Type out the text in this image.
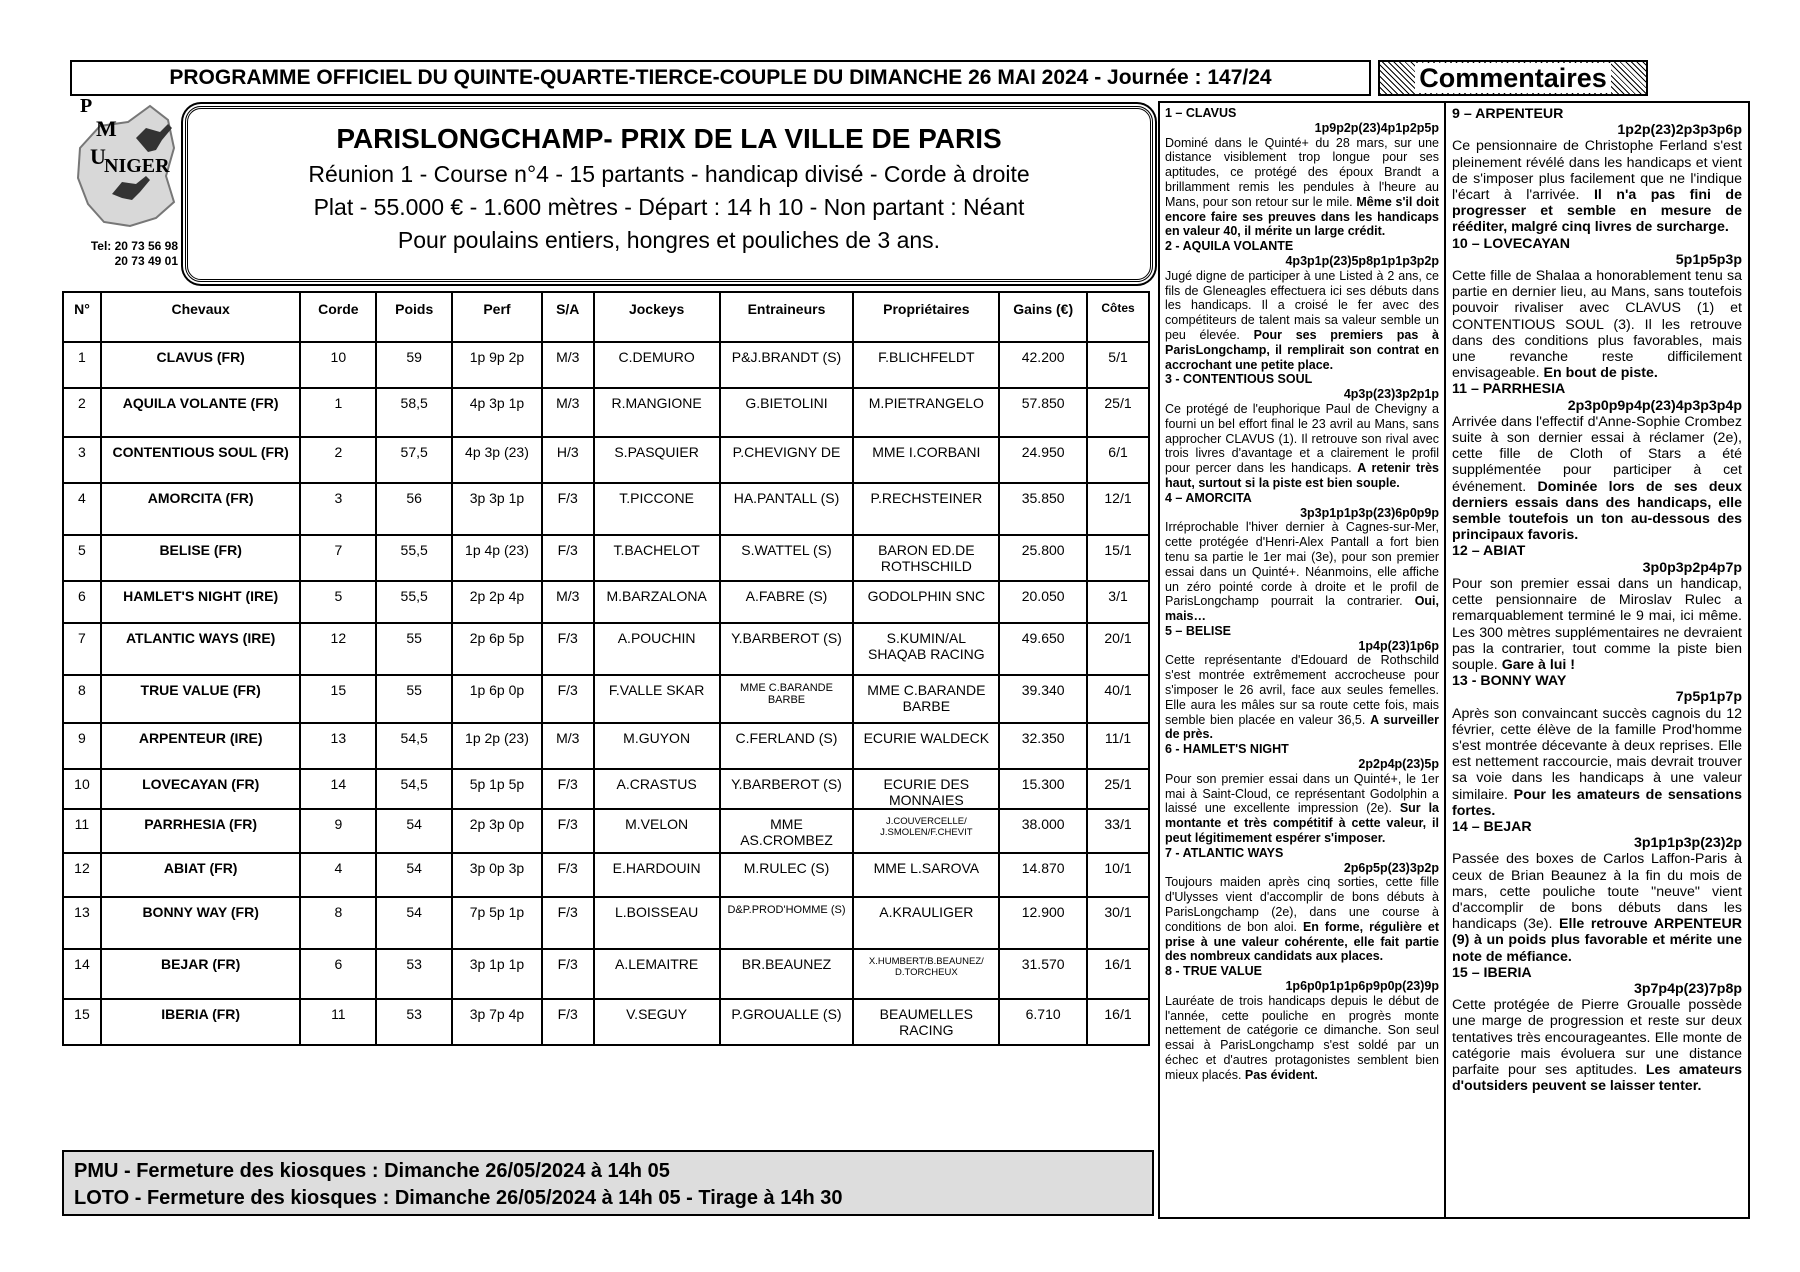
PROGRAMME OFFICIEL DU QUINTE-QUARTE-TIERCE-COUPLE DU DIMANCHE 26 MAI 2024 - Journée : 147/24	Commentaires
P
M
U
NIGER
Tel: 20 73 56 98
20 73 49 01
PARISLONGCHAMP- PRIX DE LA VILLE DE PARIS
Réunion 1 - Course n°4 - 15 partants - handicap divisé - Corde à droite
Plat - 55.000 € - 1.600 mètres - Départ : 14 h 10 - Non partant : Néant
Pour poulains entiers, hongres et pouliches de 3 ans.
N°	Chevaux	Corde	Poids	Perf	S/A	Jockeys	Entraineurs	Propriétaires	Gains (€)	Côtes
1	CLAVUS (FR)	10	59	1p 9p 2p	M/3	C.DEMURO	P&J.BRANDT (S)	F.BLICHFELDT	42.200	5/1
2	AQUILA VOLANTE (FR)	1	58,5	4p 3p 1p	M/3	R.MANGIONE	G.BIETOLINI	M.PIETRANGELO	57.850	25/1
3	CONTENTIOUS SOUL (FR)	2	57,5	4p 3p (23)	H/3	S.PASQUIER	P.CHEVIGNY DE	MME I.CORBANI	24.950	6/1
4	AMORCITA (FR)	3	56	3p 3p 1p	F/3	T.PICCONE	HA.PANTALL (S)	P.RECHSTEINER	35.850	12/1
5	BELISE (FR)	7	55,5	1p 4p (23)	F/3	T.BACHELOT	S.WATTEL (S)	BARON ED.DE ROTHSCHILD	25.800	15/1
6	HAMLET'S NIGHT (IRE)	5	55,5	2p 2p 4p	M/3	M.BARZALONA	A.FABRE (S)	GODOLPHIN SNC	20.050	3/1
7	ATLANTIC WAYS (IRE)	12	55	2p 6p 5p	F/3	A.POUCHIN	Y.BARBEROT (S)	S.KUMIN/AL SHAQAB RACING	49.650	20/1
8	TRUE VALUE (FR)	15	55	1p 6p 0p	F/3	F.VALLE SKAR	MME C.BARANDE BARBE	MME C.BARANDE BARBE	39.340	40/1
9	ARPENTEUR (IRE)	13	54,5	1p 2p (23)	M/3	M.GUYON	C.FERLAND (S)	ECURIE WALDECK	32.350	11/1
10	LOVECAYAN (FR)	14	54,5	5p 1p 5p	F/3	A.CRASTUS	Y.BARBEROT (S)	ECURIE DES MONNAIES	15.300	25/1
11	PARRHESIA (FR)	9	54	2p 3p 0p	F/3	M.VELON	MME AS.CROMBEZ	J.COUVERCELLE/ J.SMOLEN/F.CHEVIT	38.000	33/1
12	ABIAT (FR)	4	54	3p 0p 3p	F/3	E.HARDOUIN	M.RULEC (S)	MME L.SAROVA	14.870	10/1
13	BONNY WAY (FR)	8	54	7p 5p 1p	F/3	L.BOISSEAU	D&P.PROD'HOMME (S)	A.KRAULIGER	12.900	30/1
14	BEJAR (FR)	6	53	3p 1p 1p	F/3	A.LEMAITRE	BR.BEAUNEZ	X.HUMBERT/B.BEAUNEZ/ D.TORCHEUX	31.570	16/1
15	IBERIA (FR)	11	53	3p 7p 4p	F/3	V.SEGUY	P.GROUALLE (S)	BEAUMELLES RACING	6.710	16/1
PMU - Fermeture des kiosques : Dimanche 26/05/2024 à 14h 05
LOTO - Fermeture des kiosques : Dimanche 26/05/2024 à 14h 05 - Tirage à 14h 30
1 – CLAVUS
1p9p2p(23)4p1p2p5p
Dominé dans le Quinté+ du 28 mars, sur une distance visiblement trop longue pour ses aptitudes, ce protégé des époux Brandt a brillamment remis les pendules à l'heure au Mans, pour son retour sur le mile. Même s'il doit encore faire ses preuves dans les handicaps en valeur 40, il mérite un large crédit.
2 - AQUILA VOLANTE
4p3p1p(23)5p8p1p1p3p2p
Jugé digne de participer à une Listed à 2 ans, ce fils de Gleneagles effectuera ici ses débuts dans les handicaps. Il a croisé le fer avec des compétiteurs de talent mais sa valeur semble un peu élevée. Pour ses premiers pas à ParisLongchamp, il remplirait son contrat en accrochant une petite place.
3 - CONTENTIOUS SOUL
4p3p(23)3p2p1p
Ce protégé de l'euphorique Paul de Chevigny a fourni un bel effort final le 23 avril au Mans, sans approcher CLAVUS (1). Il retrouve son rival avec trois livres d'avantage et a clairement le profil pour percer dans les handicaps. A retenir très haut, surtout si la piste est bien souple.
4 – AMORCITA
3p3p1p1p3p(23)6p0p9p
Irréprochable l'hiver dernier à Cagnes-sur-Mer, cette protégée d'Henri-Alex Pantall a fort bien tenu sa partie le 1er mai (3e), pour son premier essai dans un Quinté+. Néanmoins, elle affiche un zéro pointé corde à droite et le profil de ParisLongchamp pourrait la contrarier. Oui, mais…
5 – BELISE
1p4p(23)1p6p
Cette représentante d'Edouard de Rothschild s'est montrée extrêmement accrocheuse pour s'imposer le 26 avril, face aux seules femelles. Elle aura les mâles sur sa route cette fois, mais semble bien placée en valeur 36,5. A surveiller de près.
6 - HAMLET'S NIGHT
2p2p4p(23)5p
Pour son premier essai dans un Quinté+, le 1er mai à Saint-Cloud, ce représentant Godolphin a laissé une excellente impression (2e). Sur la montante et très compétitif à cette valeur, il peut légitimement espérer s'imposer.
7 - ATLANTIC WAYS
2p6p5p(23)3p2p
Toujours maiden après cinq sorties, cette fille d'Ulysses vient d'accomplir de bons débuts à ParisLongchamp (2e), dans une course à conditions de bon aloi. En forme, régulière et prise à une valeur cohérente, elle fait partie des nombreux candidats aux places.
8 - TRUE VALUE
1p6p0p1p1p6p9p0p(23)9p
Lauréate de trois handicaps depuis le début de l'année, cette pouliche en progrès monte nettement de catégorie ce dimanche. Son seul essai à ParisLongchamp s'est soldé par un échec et d'autres protagonistes semblent bien mieux placés. Pas évident.
9 – ARPENTEUR
1p2p(23)2p3p3p6p
Ce pensionnaire de Christophe Ferland s'est pleinement révélé dans les handicaps et vient de s'imposer plus facilement que ne l'indique l'écart à l'arrivée. Il n'a pas fini de progresser et semble en mesure de rééditer, malgré cinq livres de surcharge.
10 – LOVECAYAN
5p1p5p3p
Cette fille de Shalaa a honorablement tenu sa partie en dernier lieu, au Mans, sans toutefois pouvoir rivaliser avec CLAVUS (1) et CONTENTIOUS SOUL (3). Il les retrouve dans des conditions plus favorables, mais une revanche reste difficilement envisageable. En bout de piste.
11 – PARRHESIA
2p3p0p9p4p(23)4p3p3p4p
Arrivée dans l'effectif d'Anne-Sophie Crombez suite à son dernier essai à réclamer (2e), cette fille de Cloth of Stars a été supplémentée pour participer à cet événement. Dominée lors de ses deux derniers essais dans des handicaps, elle semble toutefois un ton au-dessous des principaux favoris.
12 – ABIAT
3p0p3p2p4p7p
Pour son premier essai dans un handicap, cette pensionnaire de Miroslav Rulec a remarquablement terminé le 9 mai, ici même. Les 300 mètres supplémentaires ne devraient pas la contrarier, tout comme la piste bien souple. Gare à lui !
13 - BONNY WAY
7p5p1p7p
Après son convaincant succès cagnois du 12 février, cette élève de la famille Prod'homme s'est montrée décevante à deux reprises. Elle est nettement raccourcie, mais devrait trouver sa voie dans les handicaps à une valeur similaire. Pour les amateurs de sensations fortes.
14 – BEJAR
3p1p1p3p(23)2p
Passée des boxes de Carlos Laffon-Paris à ceux de Brian Beaunez à la fin du mois de mars, cette pouliche toute "neuve" vient d'accomplir de bons débuts dans les handicaps (3e). Elle retrouve ARPENTEUR (9) à un poids plus favorable et mérite une note de méfiance.
15 – IBERIA
3p7p4p(23)7p8p
Cette protégée de Pierre Groualle possède une marge de progression et reste sur deux tentatives très encourageantes. Elle monte de catégorie mais évoluera sur une distance parfaite pour ses aptitudes. Les amateurs d'outsiders peuvent se laisser tenter.
